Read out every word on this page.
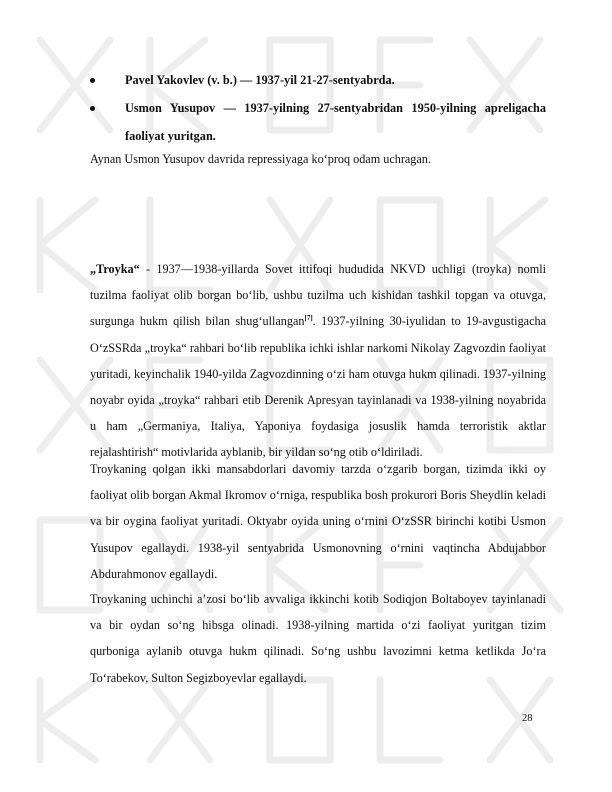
Pavel Yakovlev (v. b.) — 1937-yil 21-27-sentyabrda.
Usmon Yusupov — 1937-yilning 27-sentyabridan 1950-yilning apreligacha faoliyat yuritgan.

Aynan Usmon Yusupov davrida repressiyaga ko‘proq odam uchragan.

„Troyka“ - 1937—1938-yillarda Sovet ittifoqi hududida NKVD uchligi (troyka) nomli tuzilma faoliyat olib borgan bo‘lib, ushbu tuzilma uch kishidan tashkil topgan va otuvga, surgunga hukm qilish bilan shug‘ullangan[7]. 1937-yilning 30-iyulidan to 19-avgustigacha O‘zSSRda „troyka“ rahbari bo‘lib republika ichki ishlar narkomi Nikolay Zagvozdin faoliyat yuritadi, keyinchalik 1940-yilda Zagvozdinning o‘zi ham otuvga hukm qilinadi. 1937-yilning noyabr oyida „troyka“ rahbari etib Derenik Apresyan tayinlanadi va 1938-yilning noyabrida u ham „Germaniya, Italiya, Yaponiya foydasiga josuslik hamda terroristik aktlar rejalashtirish“ motivlarida ayblanib, bir yildan so‘ng otib o‘ldiriladi.

Troykaning qolgan ikki mansabdorlari davomiy tarzda o‘zgarib borgan, tizimda ikki oy faoliyat olib borgan Akmal Ikromov o‘rniga, respublika bosh prokurori Boris Sheydlin keladi va bir oygina faoliyat yuritadi. Oktyabr oyida uning o‘rnini O‘zSSR birinchi kotibi Usmon Yusupov egallaydi. 1938-yil sentyabrida Usmonovning o‘rnini vaqtincha Abdujabbor Abdurahmonov egallaydi.

Troykaning uchinchi a’zosi bo‘lib avvaliga ikkinchi kotib Sodiqjon Boltaboyev tayinlanadi va bir oydan so‘ng hibsga olinadi. 1938-yilning martida o‘zi faoliyat yuritgan tizim qurboniga aylanib otuvga hukm qilinadi. So‘ng ushbu lavozimni ketma ketlikda Jo‘ra To‘rabekov, Sulton Segizboyevlar egallaydi.

28
